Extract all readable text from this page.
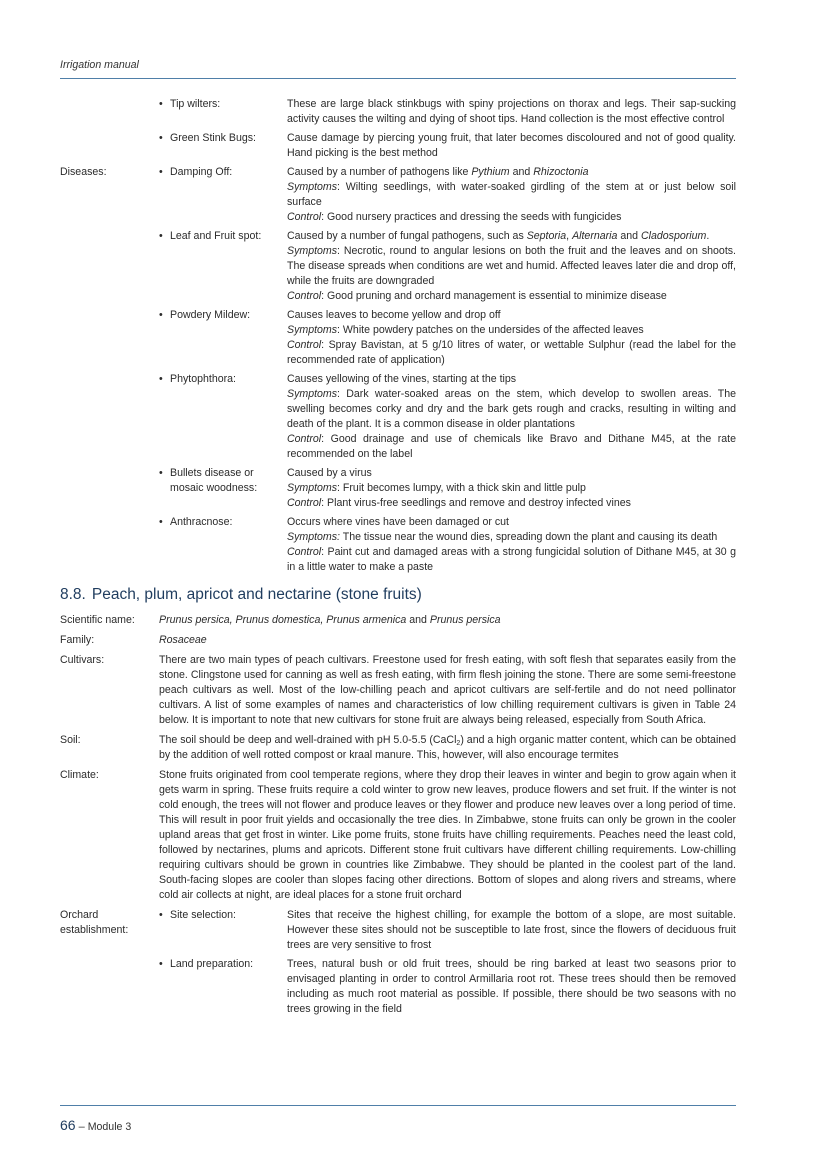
Irrigation manual
• Tip wilters:	These are large black stinkbugs with spiny projections on thorax and legs. Their sap-sucking activity causes the wilting and dying of shoot tips. Hand collection is the most effective control
• Green Stink Bugs:	Cause damage by piercing young fruit, that later becomes discoloured and not of good quality. Hand picking is the best method
Diseases:	• Damping Off:	Caused by a number of pathogens like Pythium and Rhizoctonia
Symptoms: Wilting seedlings, with water-soaked girdling of the stem at or just below soil surface
Control: Good nursery practices and dressing the seeds with fungicides
• Leaf and Fruit spot:	Caused by a number of fungal pathogens, such as Septoria, Alternaria and Cladosporium.
Symptoms: Necrotic, round to angular lesions on both the fruit and the leaves and on shoots. The disease spreads when conditions are wet and humid. Affected leaves later die and drop off, while the fruits are downgraded
Control: Good pruning and orchard management is essential to minimize disease
• Powdery Mildew:	Causes leaves to become yellow and drop off
Symptoms: White powdery patches on the undersides of the affected leaves
Control: Spray Bavistan, at 5 g/10 litres of water, or wettable Sulphur (read the label for the recommended rate of application)
• Phytophthora:	Causes yellowing of the vines, starting at the tips
Symptoms: Dark water-soaked areas on the stem, which develop to swollen areas. The swelling becomes corky and dry and the bark gets rough and cracks, resulting in wilting and death of the plant. It is a common disease in older plantations
Control: Good drainage and use of chemicals like Bravo and Dithane M45, at the rate recommended on the label
• Bullets disease or mosaic woodness:
Caused by a virus
Symptoms: Fruit becomes lumpy, with a thick skin and little pulp
Control: Plant virus-free seedlings and remove and destroy infected vines
• Anthracnose:	Occurs where vines have been damaged or cut
Symptoms: The tissue near the wound dies, spreading down the plant and causing its death
Control: Paint cut and damaged areas with a strong fungicidal solution of Dithane M45, at 30 g in a little water to make a paste
8.8. Peach, plum, apricot and nectarine (stone fruits)
Scientific name:	Prunus persica, Prunus domestica, Prunus armenica and Prunus persica
Family:	Rosaceae
Cultivars:	There are two main types of peach cultivars. Freestone used for fresh eating, with soft flesh that separates easily from the stone. Clingstone used for canning as well as fresh eating, with firm flesh joining the stone. There are some semi-freestone peach cultivars as well. Most of the low-chilling peach and apricot cultivars are self-fertile and do not need pollinator cultivars. A list of some examples of names and characteristics of low chilling requirement cultivars is given in Table 24 below. It is important to note that new cultivars for stone fruit are always being released, especially from South Africa.
Soil:	The soil should be deep and well-drained with pH 5.0-5.5 (CaCl$_2$) and a high organic matter content, which can be obtained by the addition of well rotted compost or kraal manure. This, however, will also encourage termites
Climate:	Stone fruits originated from cool temperate regions, where they drop their leaves in winter and begin to grow again when it gets warm in spring. These fruits require a cold winter to grow new leaves, produce flowers and set fruit. If the winter is not cold enough, the trees will not flower and produce leaves or they flower and produce new leaves over a long period of time. This will result in poor fruit yields and occasionally the tree dies. In Zimbabwe, stone fruits can only be grown in the cooler upland areas that get frost in winter. Like pome fruits, stone fruits have chilling requirements. Peaches need the least cold, followed by nectarines, plums and apricots. Different stone fruit cultivars have different chilling requirements. Low-chilling requiring cultivars should be grown in countries like Zimbabwe. They should be planted in the coolest part of the land. South-facing slopes are cooler than slopes facing other directions. Bottom of slopes and along rivers and streams, where cold air collects at night, are ideal places for a stone fruit orchard
Orchard establishment:
• Site selection:	Sites that receive the highest chilling, for example the bottom of a slope, are most suitable. However these sites should not be susceptible to late frost, since the flowers of deciduous fruit trees are very sensitive to frost
• Land preparation:	Trees, natural bush or old fruit trees, should be ring barked at least two seasons prior to envisaged planting in order to control Armillaria root rot. These trees should then be removed including as much root material as possible. If possible, there should be two seasons with no trees growing in the field
66 – Module 3
